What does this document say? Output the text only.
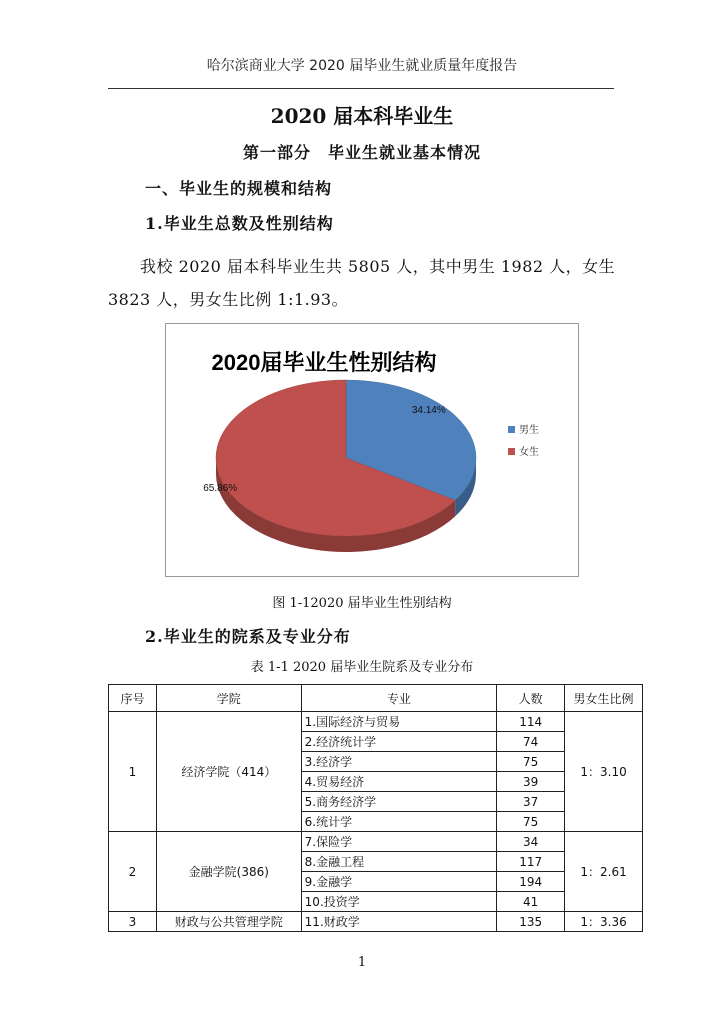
哈尔滨商业大学 2020 届毕业生就业质量年度报告
2020 届本科毕业生
第一部分　毕业生就业基本情况
一、毕业生的规模和结构
1.毕业生总数及性别结构
我校 2020 届本科毕业生共 5805 人，其中男生 1982 人，女生 3823 人，男女生比例 1:1.93。
2020届毕业生性别结构
34.14%
65.86%
男生
女生
图 1-12020 届毕业生性别结构
2.毕业生的院系及专业分布
表 1-1 2020 届毕业生院系及专业分布
序号	学院	专业	人数	男女生比例
1	经济学院（414）	1.国际经济与贸易	114	1：3.10
		2.经济统计学	74	
		3.经济学	75	
		4.贸易经济	39	
		5.商务经济学	37	
		6.统计学	75	
2	金融学院(386)	7.保险学	34	1：2.61
		8.金融工程	117	
		9.金融学	194	
		10.投资学	41	
3	财政与公共管理学院	11.财政学	135	1：3.36
1
